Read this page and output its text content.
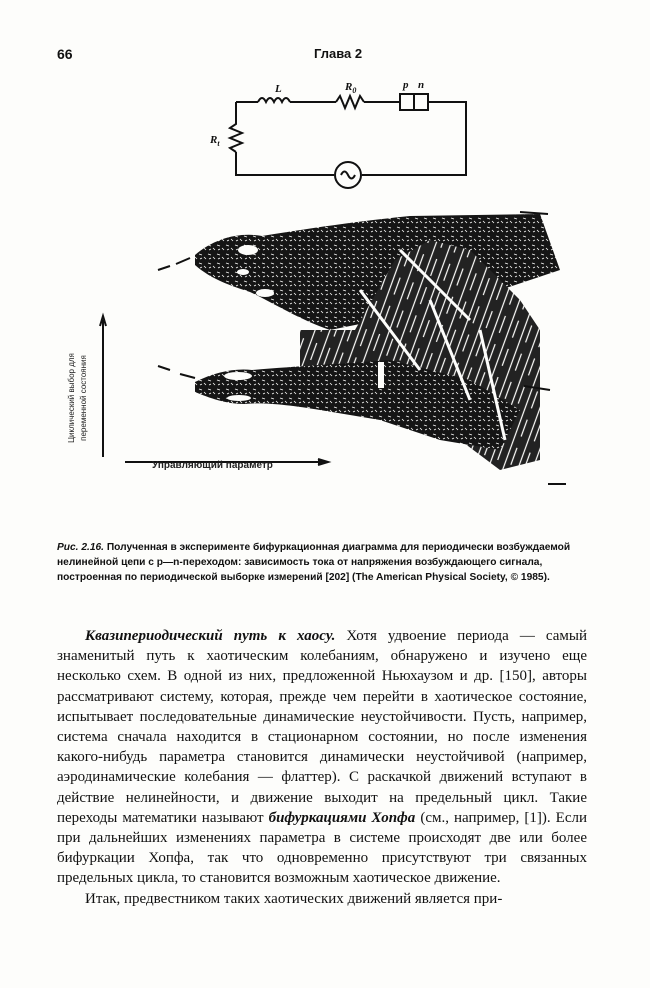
66	Глава 2
L	$R_0$	p n
$R_t$
Циклический выбор для переменной состояния
Управляющий параметр
Рис. 2.16. Полученная в эксперименте бифуркационная диаграмма для периодически возбуждаемой нелинейной цепи с p—n-переходом: зависимость тока от напряжения возбуждающего сигнала, построенная по периодической выборке измерений [202] (The American Physical Society, © 1985).

Квазипериодический путь к хаосу. Хотя удвоение периода — самый знаменитый путь к хаотическим колебаниям, обнаружено и изучено еще несколько схем. В одной из них, предложенной Ньюхаузом и др. [150], авторы рассматривают систему, которая, прежде чем перейти в хаотическое состояние, испытывает последовательные динамические неустойчивости. Пусть, например, система сначала находится в стационарном состоянии, но после изменения какого-нибудь параметра становится динамически неустойчивой (например, аэродинамические колебания — флаттер). С раскачкой движений вступают в действие нелинейности, и движение выходит на предельный цикл. Такие переходы математики называют бифуркациями Хопфа (см., например, [1]). Если при дальнейших изменениях параметра в системе происходят две или более бифуркации Хопфа, так что одновременно присутствуют три связанных предельных цикла, то становится возможным хаотическое движение.

Итак, предвестником таких хаотических движений является при-
